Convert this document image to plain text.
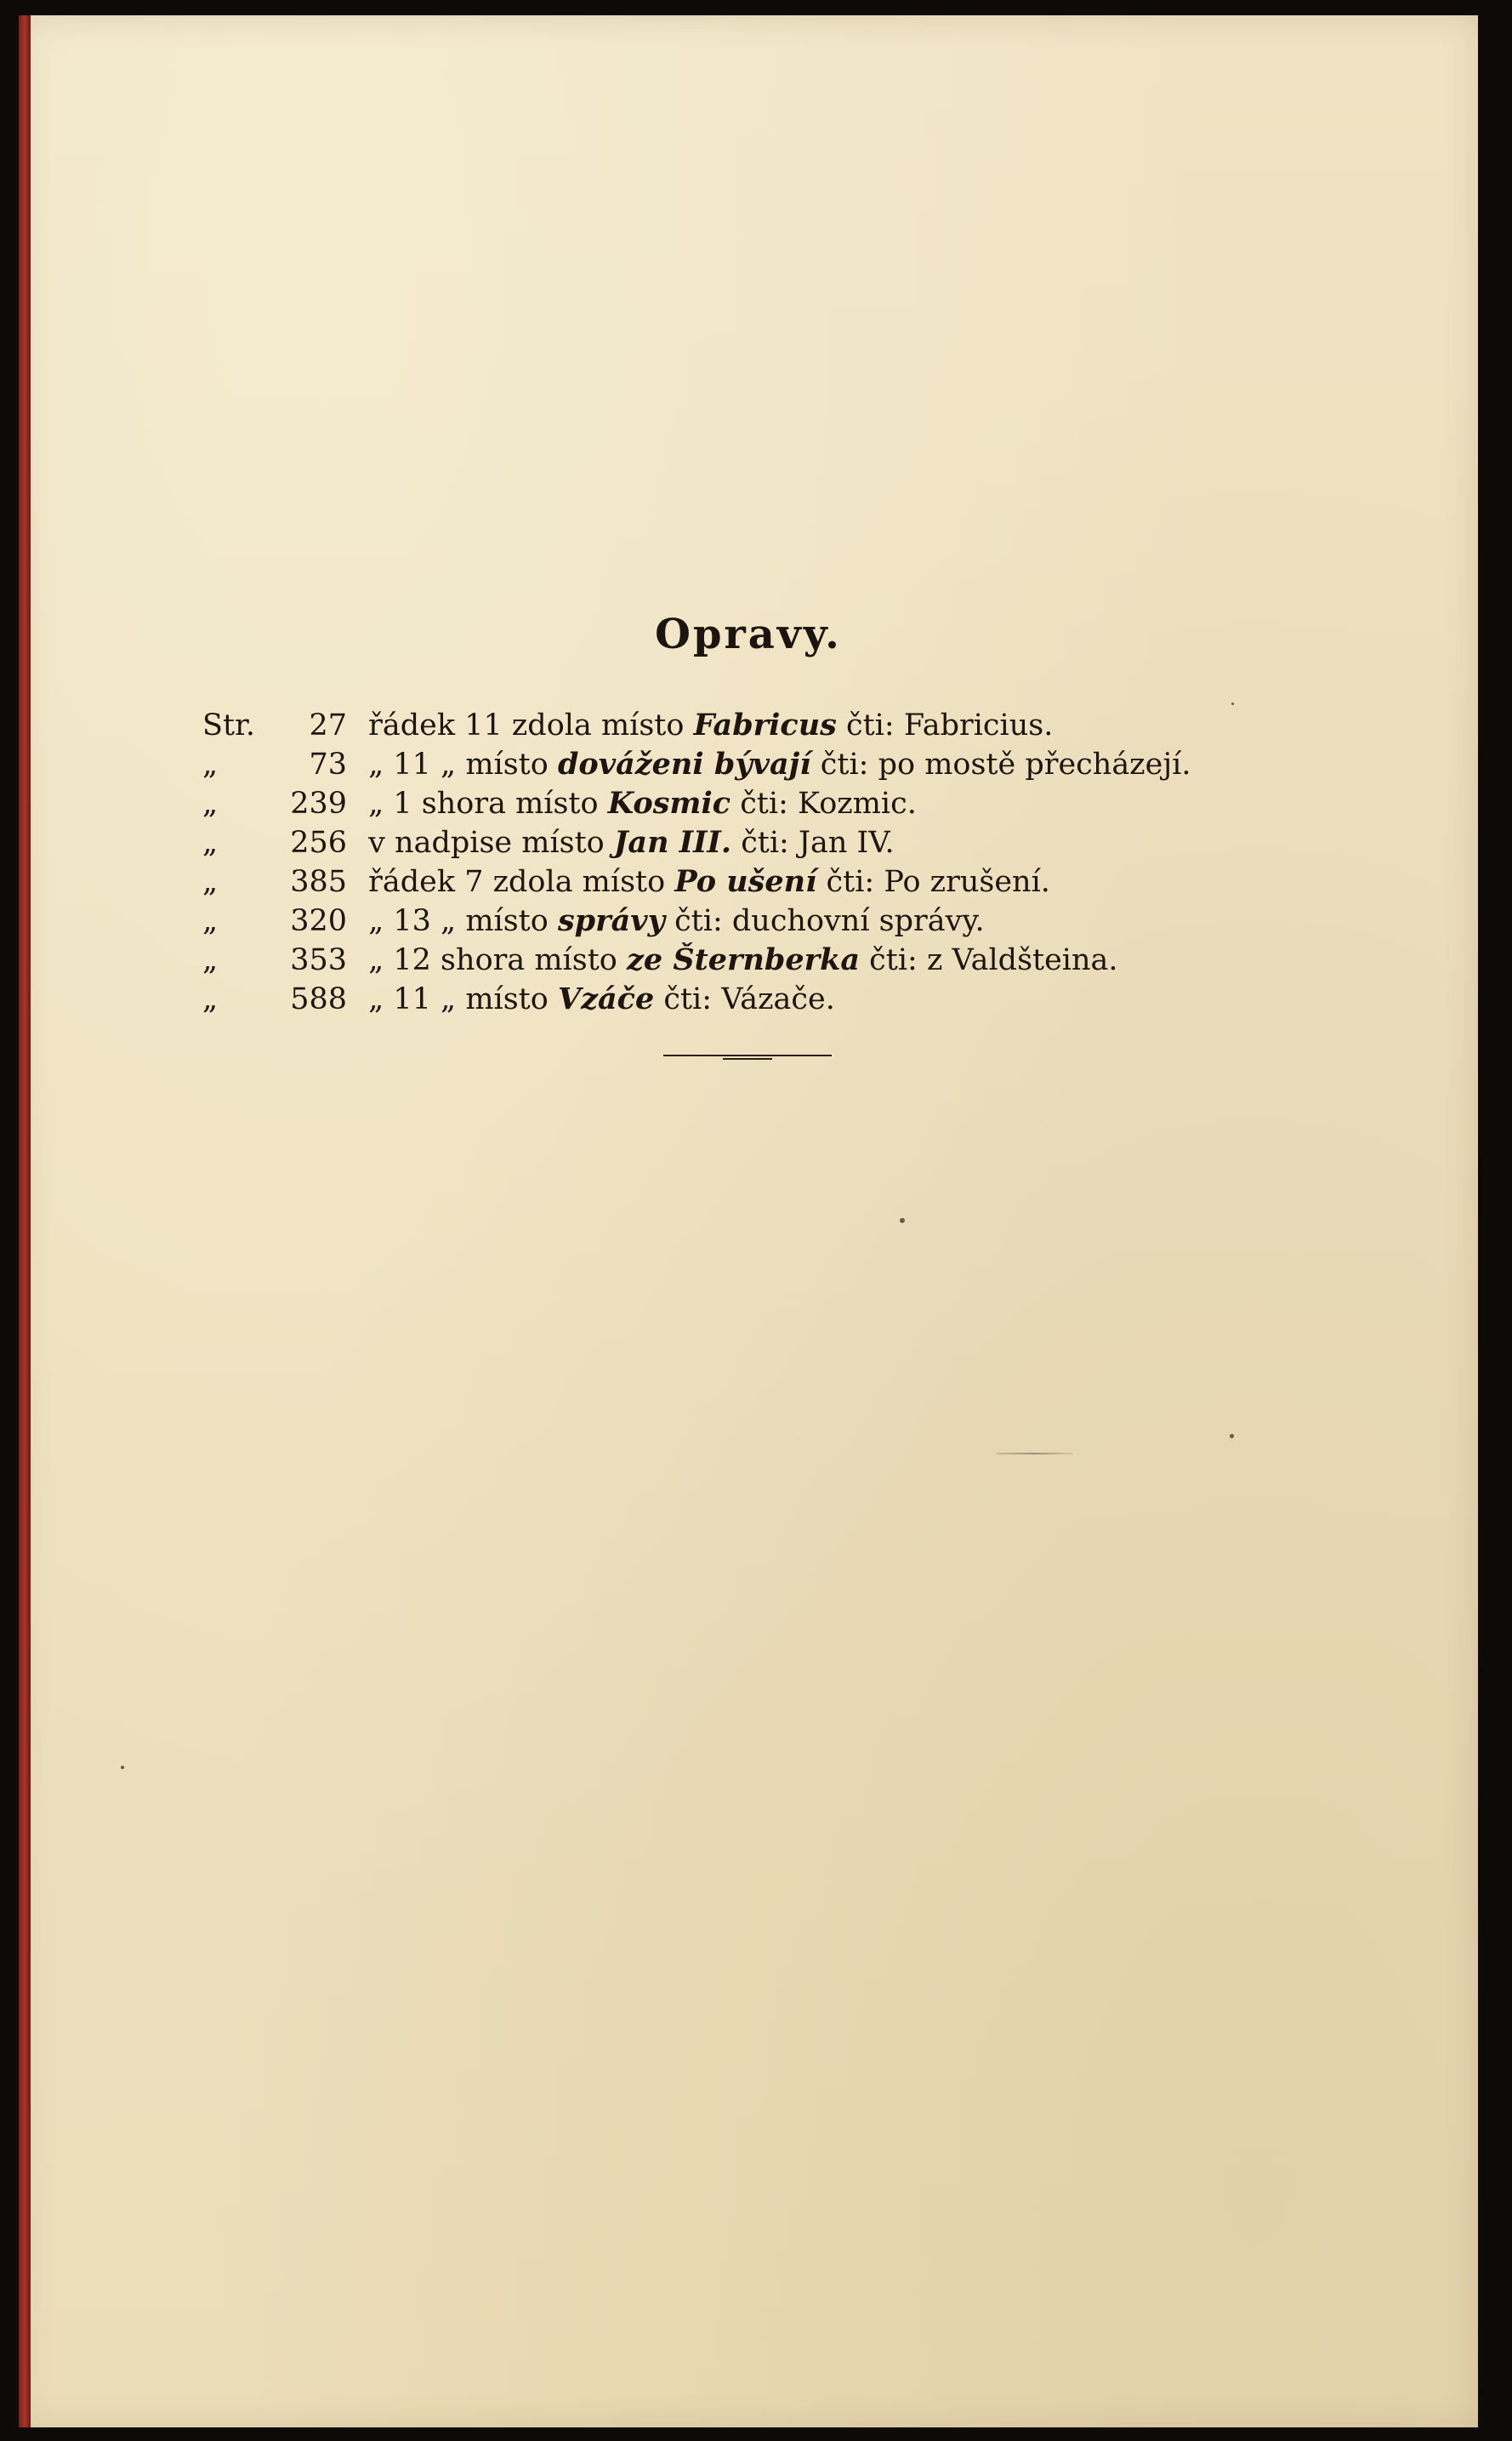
Opravy.
Str. 27 řádek 11 zdola místo Fabricus čti: Fabricius.
„	73 „ 11 „ místo dováženi bývají čti: po mostě přecházejí.
„ 239 „ 1 shora místo Kosmic čti: Kozmic.
„ 256 v nadpise místo Jan III. čti: Jan IV.
„ 385 řádek 7 zdola místo Po ušení čti: Po zrušení.
„ 320 „ 13 „ místo správy čti: duchovní správy.
„ 353 „ 12 shora místo ze Šternberka čti: z Valdšteina.
„ 588 „ 11 „ místo Vzáče čti: Vázače.
